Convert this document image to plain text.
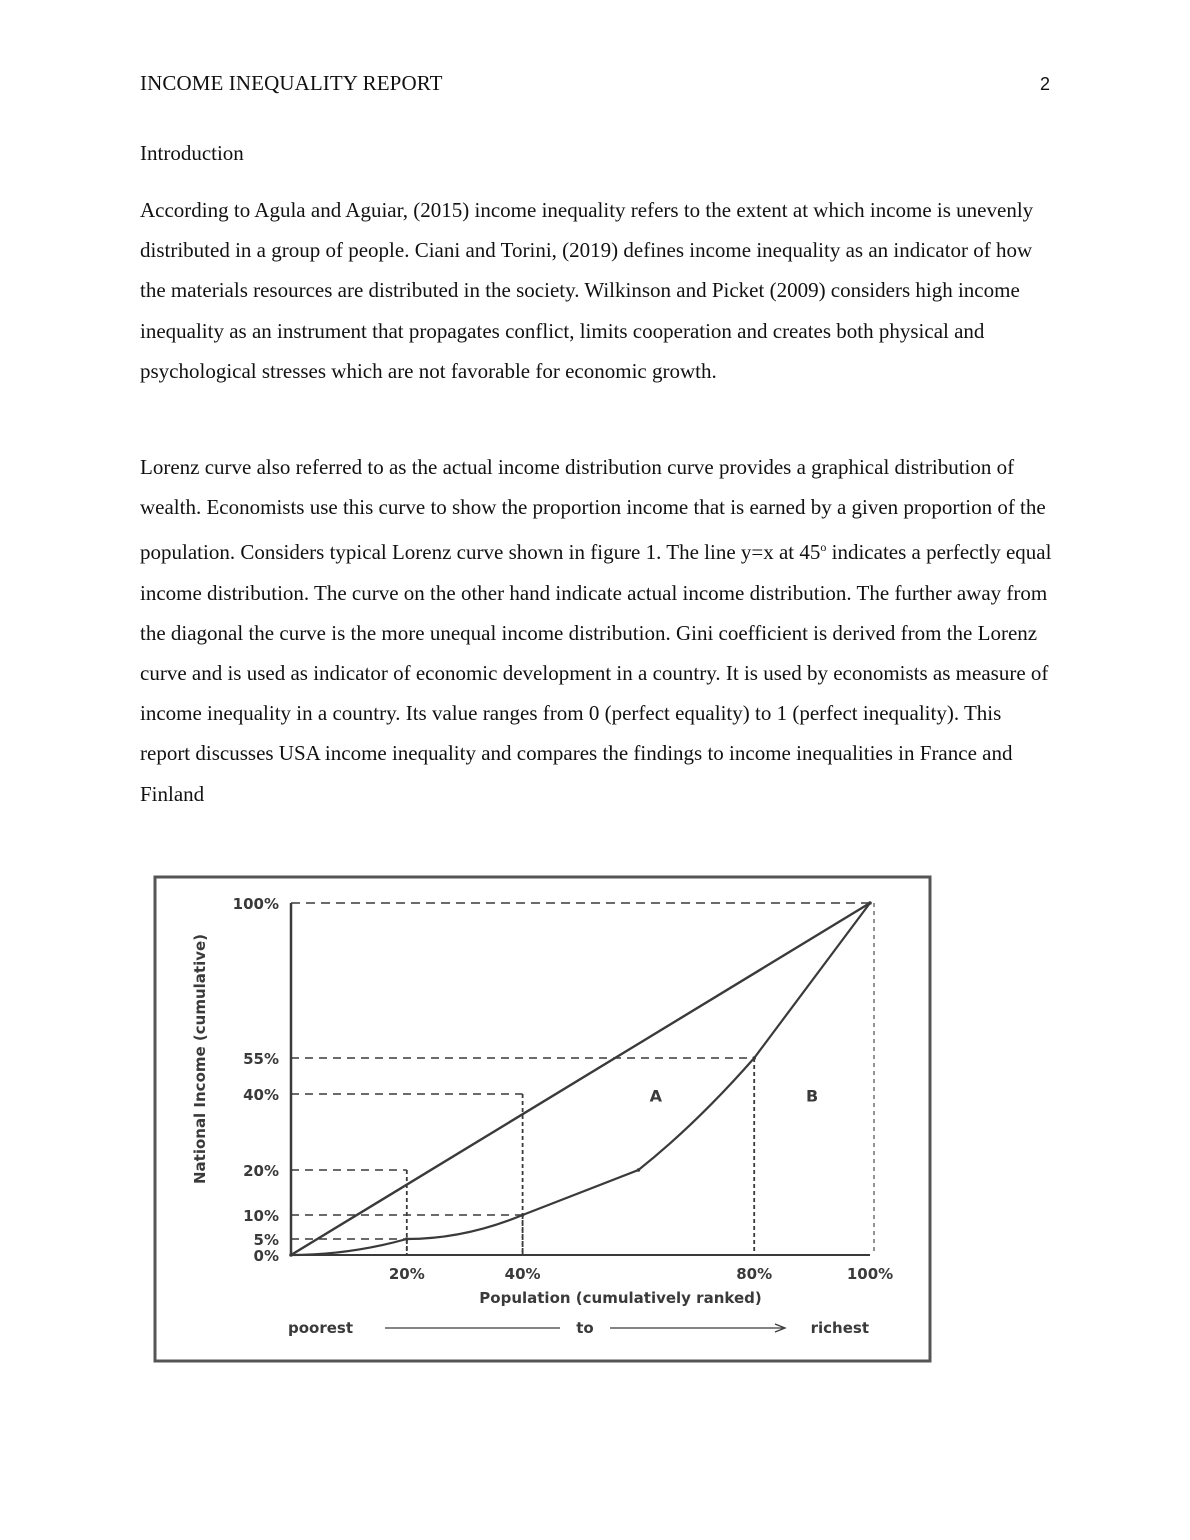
INCOME INEQUALITY REPORT	2
Introduction

According to Agula and Aguiar, (2015) income inequality refers to the extent at which income is unevenly distributed in a group of people. Ciani and Torini, (2019) defines income inequality as an indicator of how the materials resources are distributed in the society. Wilkinson and Picket (2009) considers high income inequality as an instrument that propagates conflict, limits cooperation and creates both physical and psychological stresses which are not favorable for economic growth.

Lorenz curve also referred to as the actual income distribution curve provides a graphical distribution of wealth. Economists use this curve to show the proportion income that is earned by a given proportion of the population. Considers typical Lorenz curve shown in figure 1. The line y=x at 45$^o$ indicates a perfectly equal income distribution. The curve on the other hand indicate actual income distribution. The further away from the diagonal the curve is the more unequal income distribution. Gini coefficient is derived from the Lorenz curve and is used as indicator of economic development in a country. It is used by economists as measure of income inequality in a country. Its value ranges from 0 (perfect equality) to 1 (perfect inequality). This report discusses USA income inequality and compares the findings to income inequalities in France and Finland

0%
5%
10%
20%
40%
55%
100%
20%	40%	80%	100%
Population (cumulatively ranked)
National Income (cumulative)	A	B
poorest	to	richest
